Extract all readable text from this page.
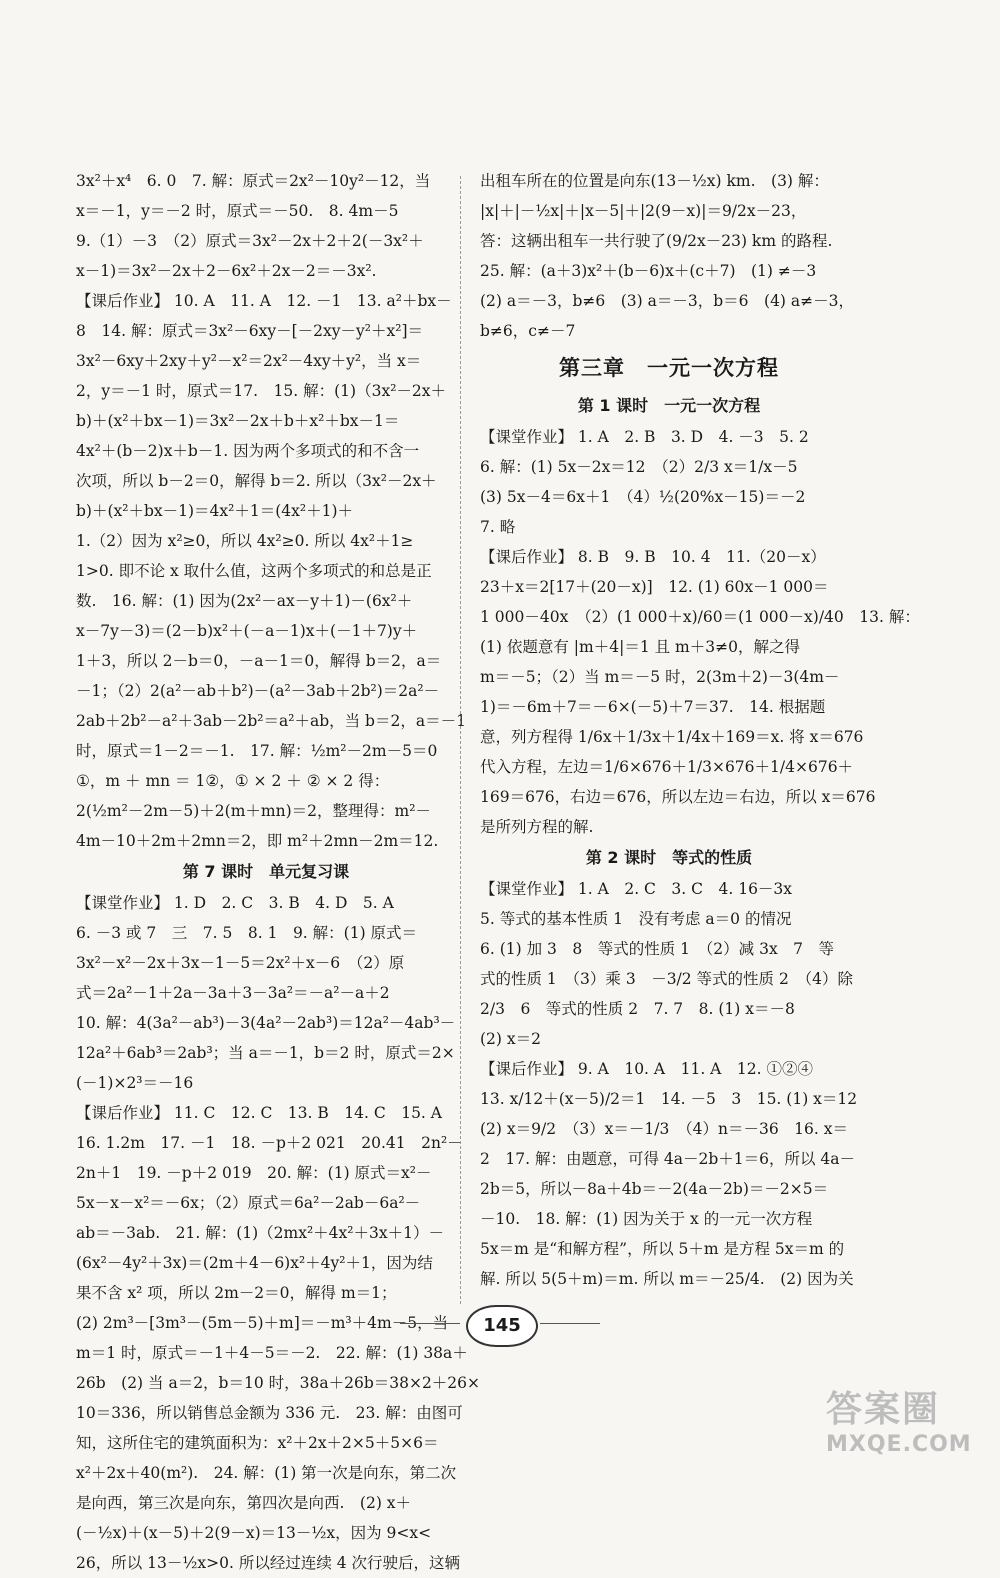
3x²＋x⁴　6. 0　7. 解：原式＝2x²－10y²－12，当
x＝－1，y＝－2 时，原式＝－50.　8. 4m－5
9.（1）－3　（2）原式＝3x²－2x＋2＋2(－3x²＋
x－1)＝3x²－2x＋2－6x²＋2x－2＝－3x².
【课后作业】 10. A　11. A　12. －1　13. a²＋bx－
8　14. 解：原式＝3x²－6xy－[－2xy－y²＋x²]＝
3x²－6xy＋2xy＋y²－x²＝2x²－4xy＋y²，当 x＝
2，y＝－1 时，原式＝17.　15. 解：(1)（3x²－2x＋
b)＋(x²＋bx－1)＝3x²－2x＋b＋x²＋bx－1＝
4x²＋(b－2)x＋b－1. 因为两个多项式的和不含一
次项，所以 b－2＝0，解得 b＝2. 所以（3x²－2x＋
b)＋(x²＋bx－1)＝4x²＋1＝(4x²＋1)＋
1.（2）因为 x²≥0，所以 4x²≥0. 所以 4x²＋1≥
1>0. 即不论 x 取什么值，这两个多项式的和总是正
数.　16. 解：(1) 因为(2x²－ax－y＋1)－(6x²＋
x－7y－3)＝(2－b)x²＋(－a－1)x＋(－1＋7)y＋
1＋3，所以 2－b＝0，－a－1＝0，解得 b＝2，a＝
－1；（2）2(a²－ab＋b²)－(a²－3ab＋2b²)＝2a²－
2ab＋2b²－a²＋3ab－2b²＝a²＋ab，当 b＝2，a＝－1
时，原式＝1－2＝－1.　17. 解：½m²－2m－5＝0
①，m ＋ mn ＝ 1②，① × 2 ＋ ② × 2 得：
2(½m²－2m－5)＋2(m＋mn)＝2，整理得：m²－
4m－10＋2m＋2mn＝2，即 m²＋2mn－2m＝12.
第 7 课时　单元复习课
【课堂作业】 1. D　2. C　3. B　4. D　5. A
6. －3 或 7　三　7. 5　8. 1　9. 解：(1) 原式＝
3x²－x²－2x＋3x－1－5＝2x²＋x－6　（2）原
式＝2a²－1＋2a－3a＋3－3a²＝－a²－a＋2
10. 解：4(3a²－ab³)－3(4a²－2ab³)＝12a²－4ab³－
12a²＋6ab³＝2ab³；当 a＝－1，b＝2 时，原式＝2×
(－1)×2³＝－16
【课后作业】 11. C　12. C　13. B　14. C　15. A
16. 1.2m　17. －1　18. －p＋2 021　20.41　2n²－
2n＋1　19. －p＋2 019　20. 解：(1) 原式＝x²－
5x－x－x²＝－6x；（2）原式＝6a²－2ab－6a²－
ab＝－3ab.　21. 解：(1)（2mx²＋4x²＋3x＋1）－
(6x²－4y²＋3x)＝(2m＋4－6)x²＋4y²＋1，因为结
果不含 x² 项，所以 2m－2＝0，解得 m＝1；
(2) 2m³－[3m³－(5m－5)＋m]＝－m³＋4m－5，当
m＝1 时，原式＝－1＋4－5＝－2.　22. 解：(1) 38a＋
26b　(2) 当 a＝2，b＝10 时，38a＋26b＝38×2＋26×
10＝336，所以销售总金额为 336 元.　23. 解：由图可
知，这所住宅的建筑面积为：x²＋2x＋2×5＋5×6＝
x²＋2x＋40(m²).　24. 解：(1) 第一次是向东，第二次
是向西，第三次是向东，第四次是向西.　(2) x＋
(－½x)＋(x－5)＋2(9－x)＝13－½x，因为 9<x<
26，所以 13－½x>0. 所以经过连续 4 次行驶后，这辆
出租车所在的位置是向东(13－½x) km.　(3) 解：
|x|＋|－½x|＋|x－5|＋|2(9－x)|＝9/2x－23，
答：这辆出租车一共行驶了(9/2x－23) km 的路程.
25. 解：(a＋3)x²＋(b－6)x＋(c＋7)　(1) ≠－3
(2) a＝－3，b≠6　(3) a＝－3，b＝6　(4) a≠－3，
b≠6，c≠－7
第三章　一元一次方程
第 1 课时　一元一次方程
【课堂作业】 1. A　2. B　3. D　4. －3　5. 2
6. 解：(1) 5x－2x＝12　（2）2/3 x＝1/x－5
(3) 5x－4＝6x＋1　（4）½(20%x－15)＝－2
7. 略
【课后作业】 8. B　9. B　10. 4　11.（20－x）
23＋x＝2[17＋(20－x)]　12. (1) 60x－1 000＝
1 000－40x　（2）(1 000＋x)/60＝(1 000－x)/40　13. 解：
(1) 依题意有 |m＋4|＝1 且 m＋3≠0，解之得
m＝－5；（2）当 m＝－5 时，2(3m＋2)－3(4m－
1)＝－6m＋7＝－6×(－5)＋7＝37.　14. 根据题
意，列方程得 1/6x＋1/3x＋1/4x＋169＝x. 将 x＝676
代入方程，左边＝1/6×676＋1/3×676＋1/4×676＋
169＝676，右边＝676，所以左边＝右边，所以 x＝676
是所列方程的解.
第 2 课时　等式的性质
【课堂作业】 1. A　2. C　3. C　4. 16－3x
5. 等式的基本性质 1　没有考虑 a＝0 的情况
6. (1) 加 3　8　等式的性质 1　（2）减 3x　7　等
式的性质 1　（3）乘 3　－3/2 等式的性质 2　（4）除
2/3　6　等式的性质 2　7. 7　8. (1) x＝－8
(2) x＝2
【课后作业】 9. A　10. A　11. A　12. ①②④
13. x/12＋(x－5)/2＝1　14. －5　3　15. (1) x＝12
(2) x＝9/2　（3）x＝－1/3　（4）n＝－36　16. x＝
2　17. 解：由题意，可得 4a－2b＋1＝6，所以 4a－
2b＝5，所以－8a＋4b＝－2(4a－2b)＝－2×5＝
－10.　18. 解：(1) 因为关于 x 的一元一次方程
5x＝m 是“和解方程”，所以 5＋m 是方程 5x＝m 的
解. 所以 5(5＋m)＝m. 所以 m＝－25/4.　(2) 因为关
145
答案圈
MXQE.COM
